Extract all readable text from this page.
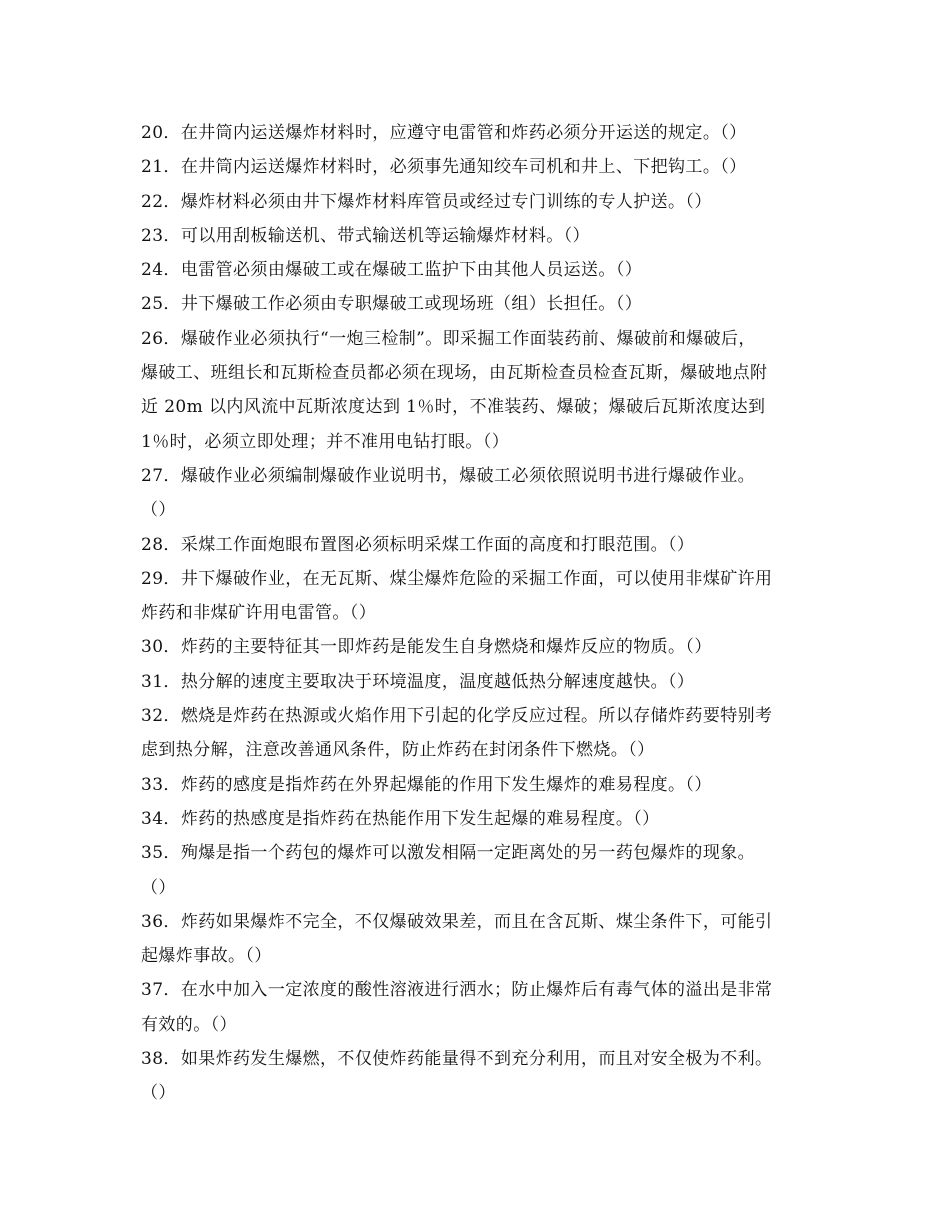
20．在井筒内运送爆炸材料时，应遵守电雷管和炸药必须分开运送的规定。（）
21．在井筒内运送爆炸材料时，必须事先通知绞车司机和井上、下把钩工。（）
22．爆炸材料必须由井下爆炸材料库管员或经过专门训练的专人护送。（）
23．可以用刮板输送机、带式输送机等运输爆炸材料。（）
24．电雷管必须由爆破工或在爆破工监护下由其他人员运送。（）
25．井下爆破工作必须由专职爆破工或现场班（组）长担任。（）
26．爆破作业必须执行“一炮三检制”。即采掘工作面装药前、爆破前和爆破后，
爆破工、班组长和瓦斯检查员都必须在现场，由瓦斯检查员检查瓦斯，爆破地点附
近 20m 以内风流中瓦斯浓度达到 1％时，不准装药、爆破；爆破后瓦斯浓度达到
1％时，必须立即处理；并不准用电钻打眼。（）
27．爆破作业必须编制爆破作业说明书，爆破工必须依照说明书进行爆破作业。
（）
28．采煤工作面炮眼布置图必须标明采煤工作面的高度和打眼范围。（）
29．井下爆破作业，在无瓦斯、煤尘爆炸危险的采掘工作面，可以使用非煤矿许用
炸药和非煤矿许用电雷管。（）
30．炸药的主要特征其一即炸药是能发生自身燃烧和爆炸反应的物质。（）
31．热分解的速度主要取决于环境温度，温度越低热分解速度越快。（）
32．燃烧是炸药在热源或火焰作用下引起的化学反应过程。所以存储炸药要特别考
虑到热分解，注意改善通风条件，防止炸药在封闭条件下燃烧。（）
33．炸药的感度是指炸药在外界起爆能的作用下发生爆炸的难易程度。（）
34．炸药的热感度是指炸药在热能作用下发生起爆的难易程度。（）
35．殉爆是指一个药包的爆炸可以激发相隔一定距离处的另一药包爆炸的现象。
（）
36．炸药如果爆炸不完全，不仅爆破效果差，而且在含瓦斯、煤尘条件下，可能引
起爆炸事故。（）
37．在水中加入一定浓度的酸性溶液进行洒水；防止爆炸后有毒气体的溢出是非常
有效的。（）
38．如果炸药发生爆燃，不仅使炸药能量得不到充分利用，而且对安全极为不利。
（）
